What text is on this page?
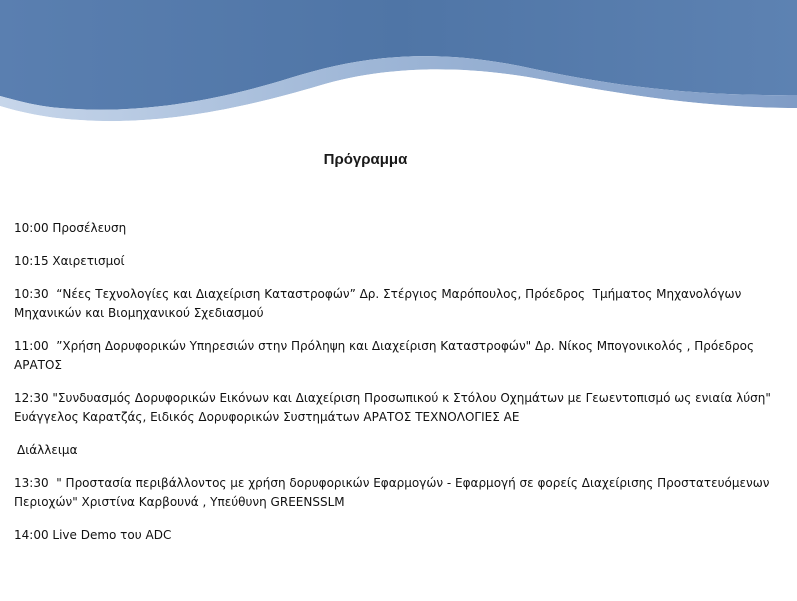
Πρόγραμμα
10:00 Προσέλευση
10:15 Χαιρετισμοί
10:30  “Νέες Τεχνολογίες και Διαχείριση Καταστροφών” Δρ. Στέργιος Μαρόπουλος, Πρόεδρος  Τμήματος Μηχανολόγων Μηχανικών και Βιομηχανικού Σχεδιασμού
11:00  ”Χρήση Δορυφορικών Υπηρεσιών στην Πρόληψη και Διαχείριση Καταστροφών" Δρ. Νίκος Μπογονικολός , Πρόεδρος ΑΡΑΤΟΣ
12:30 "Συνδυασμός Δορυφορικών Εικόνων και Διαχείριση Προσωπικού κ Στόλου Οχημάτων με Γεωεντοπισμό ως ενιαία λύση" Ευάγγελος Καρατζάς, Ειδικός Δορυφορικών Συστημάτων ΑΡΑΤΟΣ ΤΕΧΝΟΛΟΓΙΕΣ ΑΕ
Διάλλειμα
13:30  " Προστασία περιβάλλοντος με χρήση δορυφορικών Εφαρμογών - Εφαρμογή σε φορείς Διαχείρισης Προστατευόμενων Περιοχών" Χριστίνα Καρβουνά , Υπεύθυνη GREENSSLM
14:00 Live Demo του ADC
